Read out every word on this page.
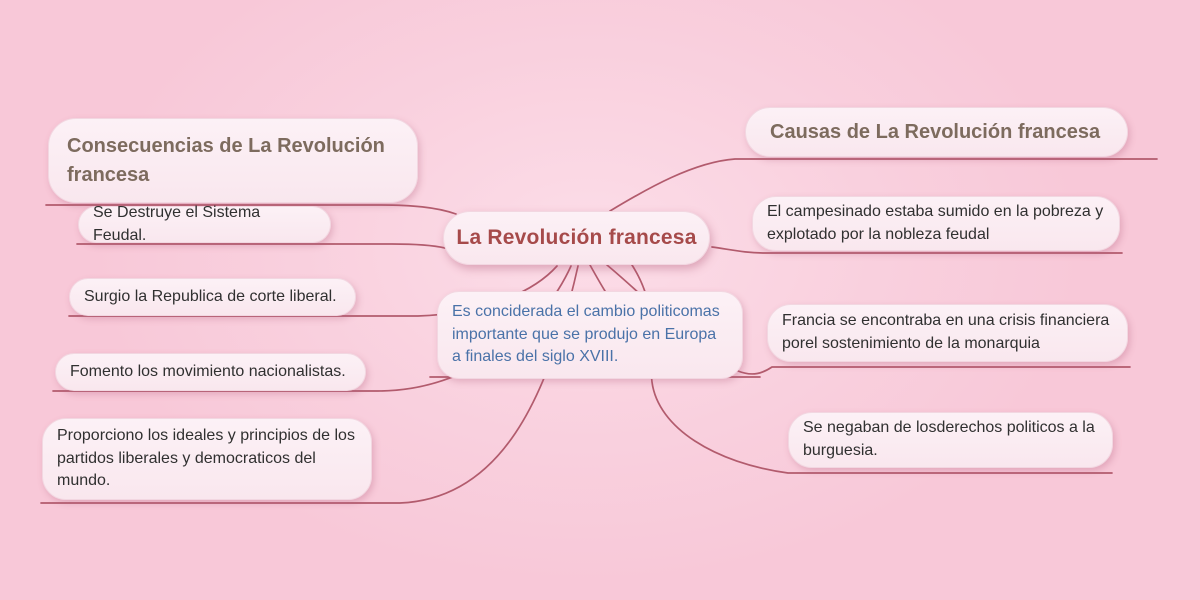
La Revolución francesa
Es conciderada el cambio politicomas importante que se produjo en Europa a finales del siglo XVIII.
Consecuencias de La Revolución francesa
Se Destruye el Sistema Feudal.
Surgio la Republica de corte liberal.
Fomento los movimiento nacionalistas.
Proporciono los ideales y principios de los partidos liberales y democraticos del mundo.
Causas de La Revolución francesa
El campesinado estaba sumido en la pobreza y explotado por la nobleza feudal
Francia se encontraba en una crisis financiera porel sostenimiento de la monarquia
Se negaban de losderechos politicos a la burguesia.
